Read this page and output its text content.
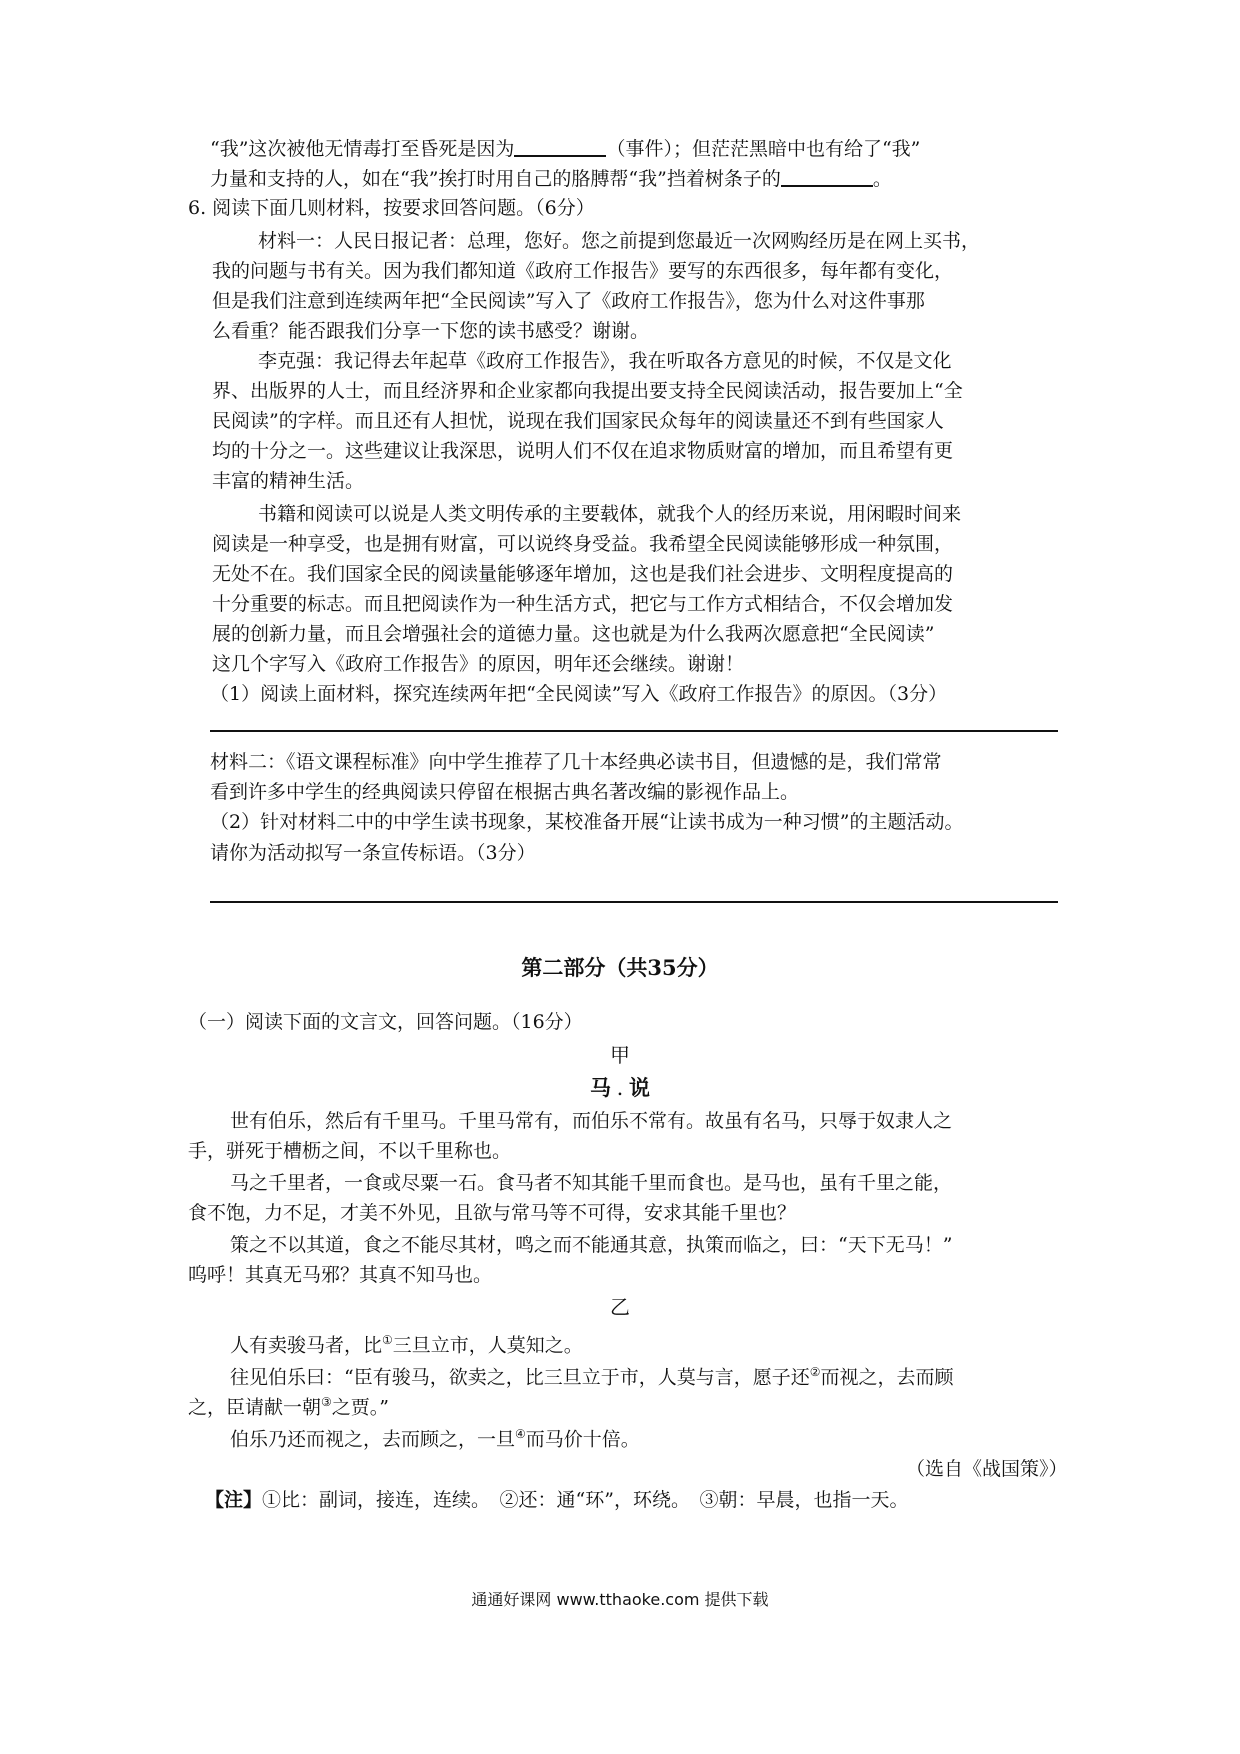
“我”这次被他无情毒打至昏死是因为	（事件）；但茫茫黑暗中也有给了“我”
力量和支持的人，如在“我”挨打时用自己的胳膊帮“我”挡着树条子的	。
6. 阅读下面几则材料，按要求回答问题。（6分）
材料一：人民日报记者：总理，您好。您之前提到您最近一次网购经历是在网上买书，
我的问题与书有关。因为我们都知道《政府工作报告》要写的东西很多，每年都有变化，
但是我们注意到连续两年把“全民阅读”写入了《政府工作报告》，您为什么对这件事那
么看重？能否跟我们分享一下您的读书感受？谢谢。
李克强：我记得去年起草《政府工作报告》，我在听取各方意见的时候，不仅是文化
界、出版界的人士，而且经济界和企业家都向我提出要支持全民阅读活动，报告要加上“全
民阅读”的字样。而且还有人担忧，说现在我们国家民众每年的阅读量还不到有些国家人
均的十分之一。这些建议让我深思，说明人们不仅在追求物质财富的增加，而且希望有更
丰富的精神生活。
书籍和阅读可以说是人类文明传承的主要载体，就我个人的经历来说，用闲暇时间来
阅读是一种享受，也是拥有财富，可以说终身受益。我希望全民阅读能够形成一种氛围，
无处不在。我们国家全民的阅读量能够逐年增加，这也是我们社会进步、文明程度提高的
十分重要的标志。而且把阅读作为一种生活方式，把它与工作方式相结合，不仅会增加发
展的创新力量，而且会增强社会的道德力量。这也就是为什么我两次愿意把“全民阅读”
这几个字写入《政府工作报告》的原因，明年还会继续。谢谢！
（1）阅读上面材料，探究连续两年把“全民阅读”写入《政府工作报告》的原因。（3分）
材料二：《语文课程标准》向中学生推荐了几十本经典必读书目，但遗憾的是，我们常常
看到许多中学生的经典阅读只停留在根据古典名著改编的影视作品上。
（2）针对材料二中的中学生读书现象，某校准备开展“让读书成为一种习惯”的主题活动。
请你为活动拟写一条宣传标语。（3分）
第二部分（共35分）
（一）阅读下面的文言文，回答问题。（16分）
甲
马 . 说
世有伯乐，然后有千里马。千里马常有，而伯乐不常有。故虽有名马，只辱于奴隶人之
手，骈死于槽枥之间，不以千里称也。
马之千里者，一食或尽粟一石。食马者不知其能千里而食也。是马也，虽有千里之能，
食不饱，力不足，才美不外见，且欲与常马等不可得，安求其能千里也？
策之不以其道，食之不能尽其材，鸣之而不能通其意，执策而临之，曰：“天下无马！”
呜呼！其真无马邪？其真不知马也。
乙
人有卖骏马者，比①三旦立市，人莫知之。
往见伯乐曰：“臣有骏马，欲卖之，比三旦立于市，人莫与言，愿子还②而视之，去而顾
之，臣请献一朝③之贾。”
伯乐乃还而视之，去而顾之，一旦④而马价十倍。
（选自《战国策》）
【注】①比：副词，接连，连续。　②还：通“环”，环绕。　③朝：早晨，也指一天。
通通好课网 www.tthaoke.com 提供下载
